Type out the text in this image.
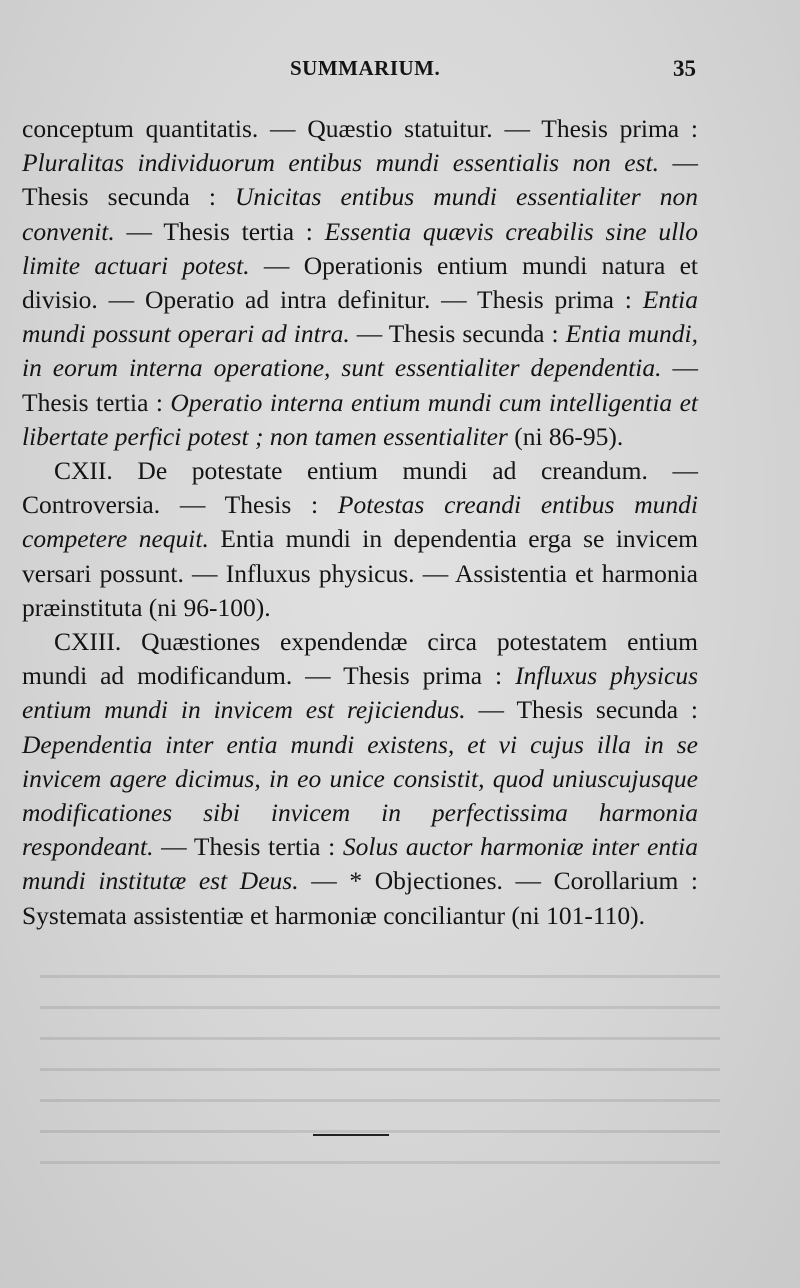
SUMMARIUM.	35

conceptum quantitatis. — Quæstio statuitur. — Thesis prima : Pluralitas individuorum entibus mundi essentialis non est. — Thesis secunda : Unicitas entibus mundi essentialiter non convenit. — Thesis tertia : Essentia quævis creabilis sine ullo limite actuari potest. — Operationis entium mundi natura et divisio. — Operatio ad intra definitur. — Thesis prima : Entia mundi possunt operari ad intra. — Thesis secunda : Entia mundi, in eorum interna operatione, sunt essentialiter dependentia. — Thesis tertia : Operatio interna entium mundi cum intelligentia et libertate perfici potest ; non tamen essentialiter (ni 86-95).

CXII. De potestate entium mundi ad creandum. — Controversia. — Thesis : Potestas creandi entibus mundi competere nequit. Entia mundi in dependentia erga se invicem versari possunt. — Influxus physicus. — Assistentia et harmonia præinstituta (ni 96-100).

CXIII. Quæstiones expendendæ circa potestatem entium mundi ad modificandum. — Thesis prima : Influxus physicus entium mundi in invicem est rejiciendus. — Thesis secunda : Dependentia inter entia mundi existens, et vi cujus illa in se invicem agere dicimus, in eo unice consistit, quod uniuscujusque modificationes sibi invicem in perfectissima harmonia respondeant. — Thesis tertia : Solus auctor harmoniæ inter entia mundi institutæ est Deus. — * Objectiones. — Corollarium : Systemata assistentiæ et harmoniæ conciliantur (ni 101-110).
